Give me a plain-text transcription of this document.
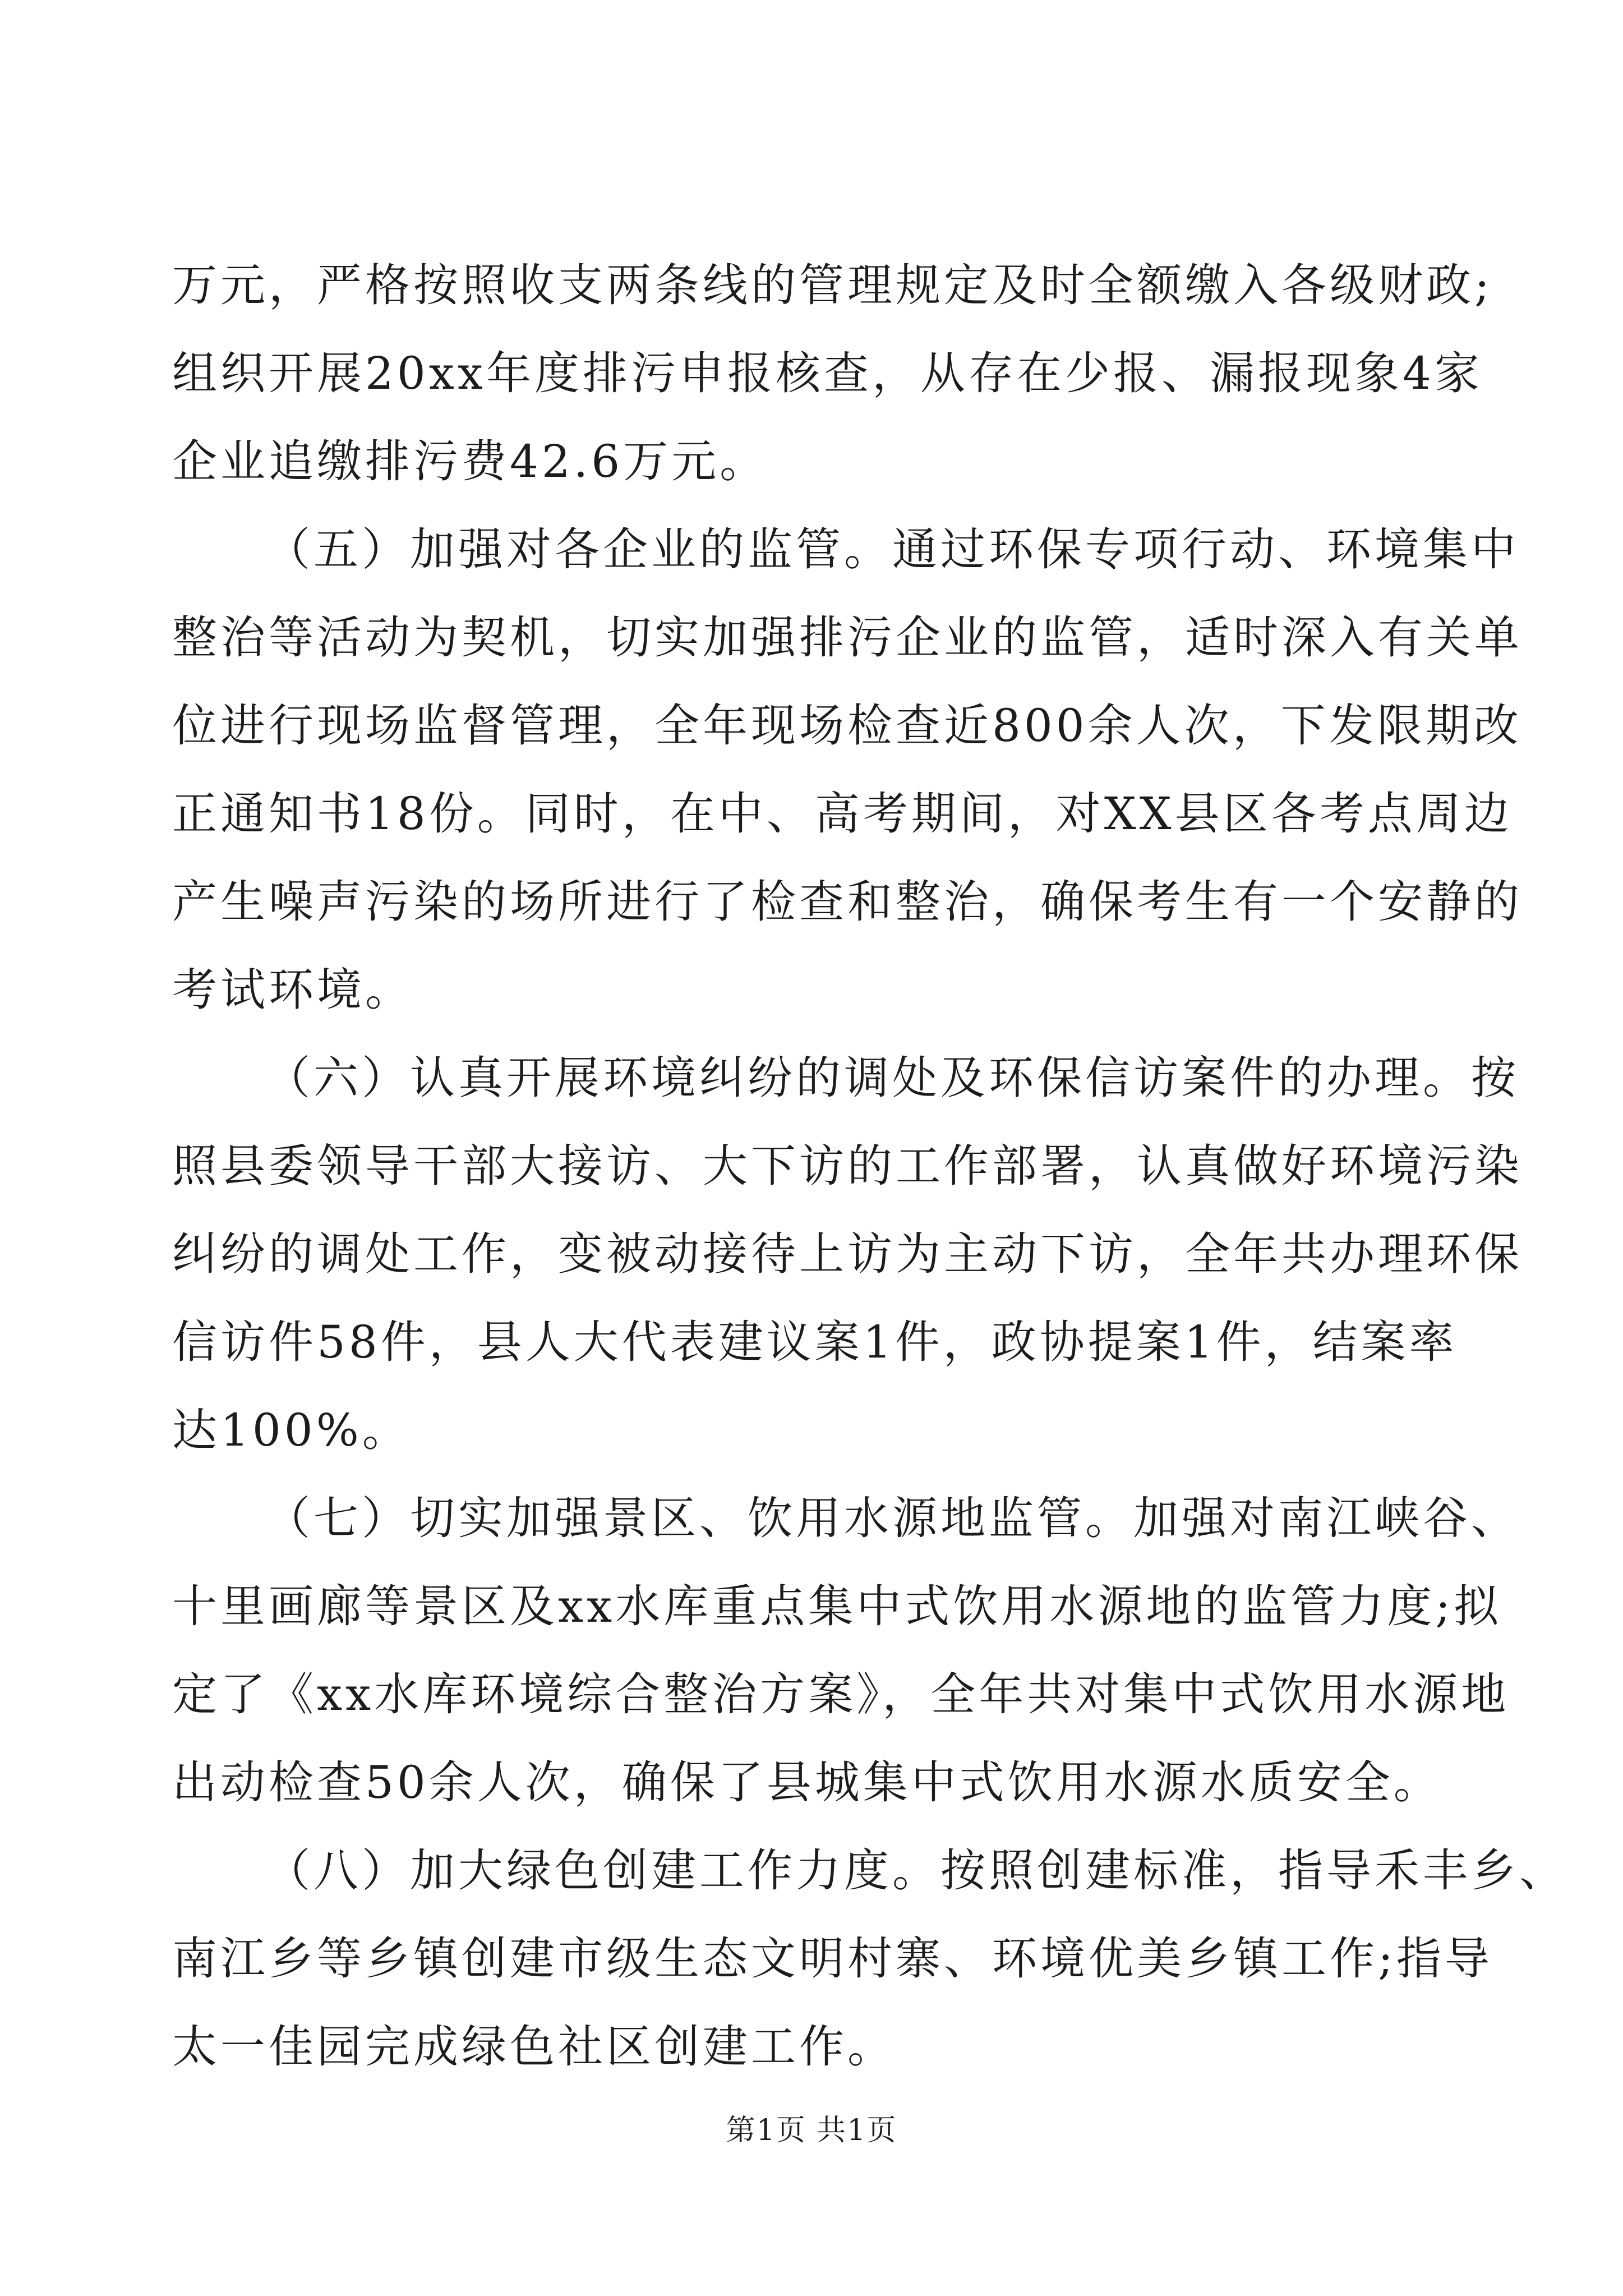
万元，严格按照收支两条线的管理规定及时全额缴入各级财政;
组织开展20xx年度排污申报核查，从存在少报、漏报现象4家
企业追缴排污费42.6万元。
（五）加强对各企业的监管。通过环保专项行动、环境集中
整治等活动为契机，切实加强排污企业的监管，适时深入有关单
位进行现场监督管理，全年现场检查近800余人次，下发限期改
正通知书18份。同时，在中、高考期间，对XX县区各考点周边
产生噪声污染的场所进行了检查和整治，确保考生有一个安静的
考试环境。
（六）认真开展环境纠纷的调处及环保信访案件的办理。按
照县委领导干部大接访、大下访的工作部署，认真做好环境污染
纠纷的调处工作，变被动接待上访为主动下访，全年共办理环保
信访件58件，县人大代表建议案1件，政协提案1件，结案率
达100%。
（七）切实加强景区、饮用水源地监管。加强对南江峡谷、
十里画廊等景区及xx水库重点集中式饮用水源地的监管力度;拟
定了《xx水库环境综合整治方案》，全年共对集中式饮用水源地
出动检查50余人次，确保了县城集中式饮用水源水质安全。
（八）加大绿色创建工作力度。按照创建标准，指导禾丰乡、
南江乡等乡镇创建市级生态文明村寨、环境优美乡镇工作;指导
太一佳园完成绿色社区创建工作。
第1页 共1页
